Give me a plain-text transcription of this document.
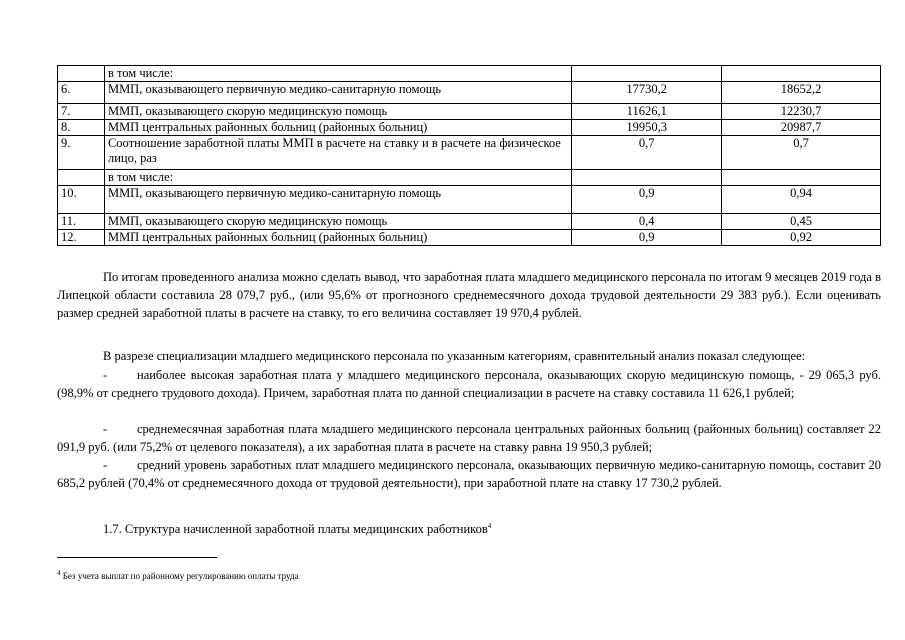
	в том числе:		
6.	ММП, оказывающего первичную медико-санитарную помощь	17730,2	18652,2
7.	ММП, оказывающего скорую медицинскую помощь	11626,1	12230,7
8.	ММП центральных районных больниц (районных больниц)	19950,3	20987,7
9.	Соотношение заработной платы ММП в расчете на ставку и в расчете на физическое лицо, раз	0,7	0,7
	в том числе:		
10.	ММП, оказывающего первичную медико-санитарную помощь	0,9	0,94
11.	ММП, оказывающего скорую медицинскую помощь	0,4	0,45
12.	ММП центральных районных больниц (районных больниц)	0,9	0,92

По итогам проведенного анализа можно сделать вывод, что заработная плата младшего медицинского персонала по итогам 9 месяцев 2019 года в Липецкой области составила 28 079,7 руб., (или 95,6% от прогнозного среднемесячного дохода трудовой деятельности 29 383 руб.). Если оценивать размер средней заработной платы в расчете на ставку, то его величина составляет 19 970,4 рублей.

В разрезе специализации младшего медицинского персонала по указанным категориям, сравнительный анализ показал следующее:

- наиболее высокая заработная плата у младшего медицинского персонала, оказывающих скорую медицинскую помощь, - 29 065,3 руб. (98,9% от среднего трудового дохода). Причем, заработная плата по данной специализации в расчете на ставку составила 11 626,1 рублей;

- среднемесячная заработная плата младшего медицинского персонала центральных районных больниц (районных больниц) составляет 22 091,9 руб. (или 75,2% от целевого показателя), а их заработная плата в расчете на ставку равна 19 950,3 рублей;

- средний уровень заработных плат младшего медицинского персонала, оказывающих первичную медико-санитарную помощь, составит 20 685,2 рублей (70,4% от среднемесячного дохода от трудовой деятельности), при заработной плате на ставку 17 730,2 рублей.

1.7. Структура начисленной заработной платы медицинских работников$^4$
$^4$ Без учета выплат по районному регулированию оплаты труда
